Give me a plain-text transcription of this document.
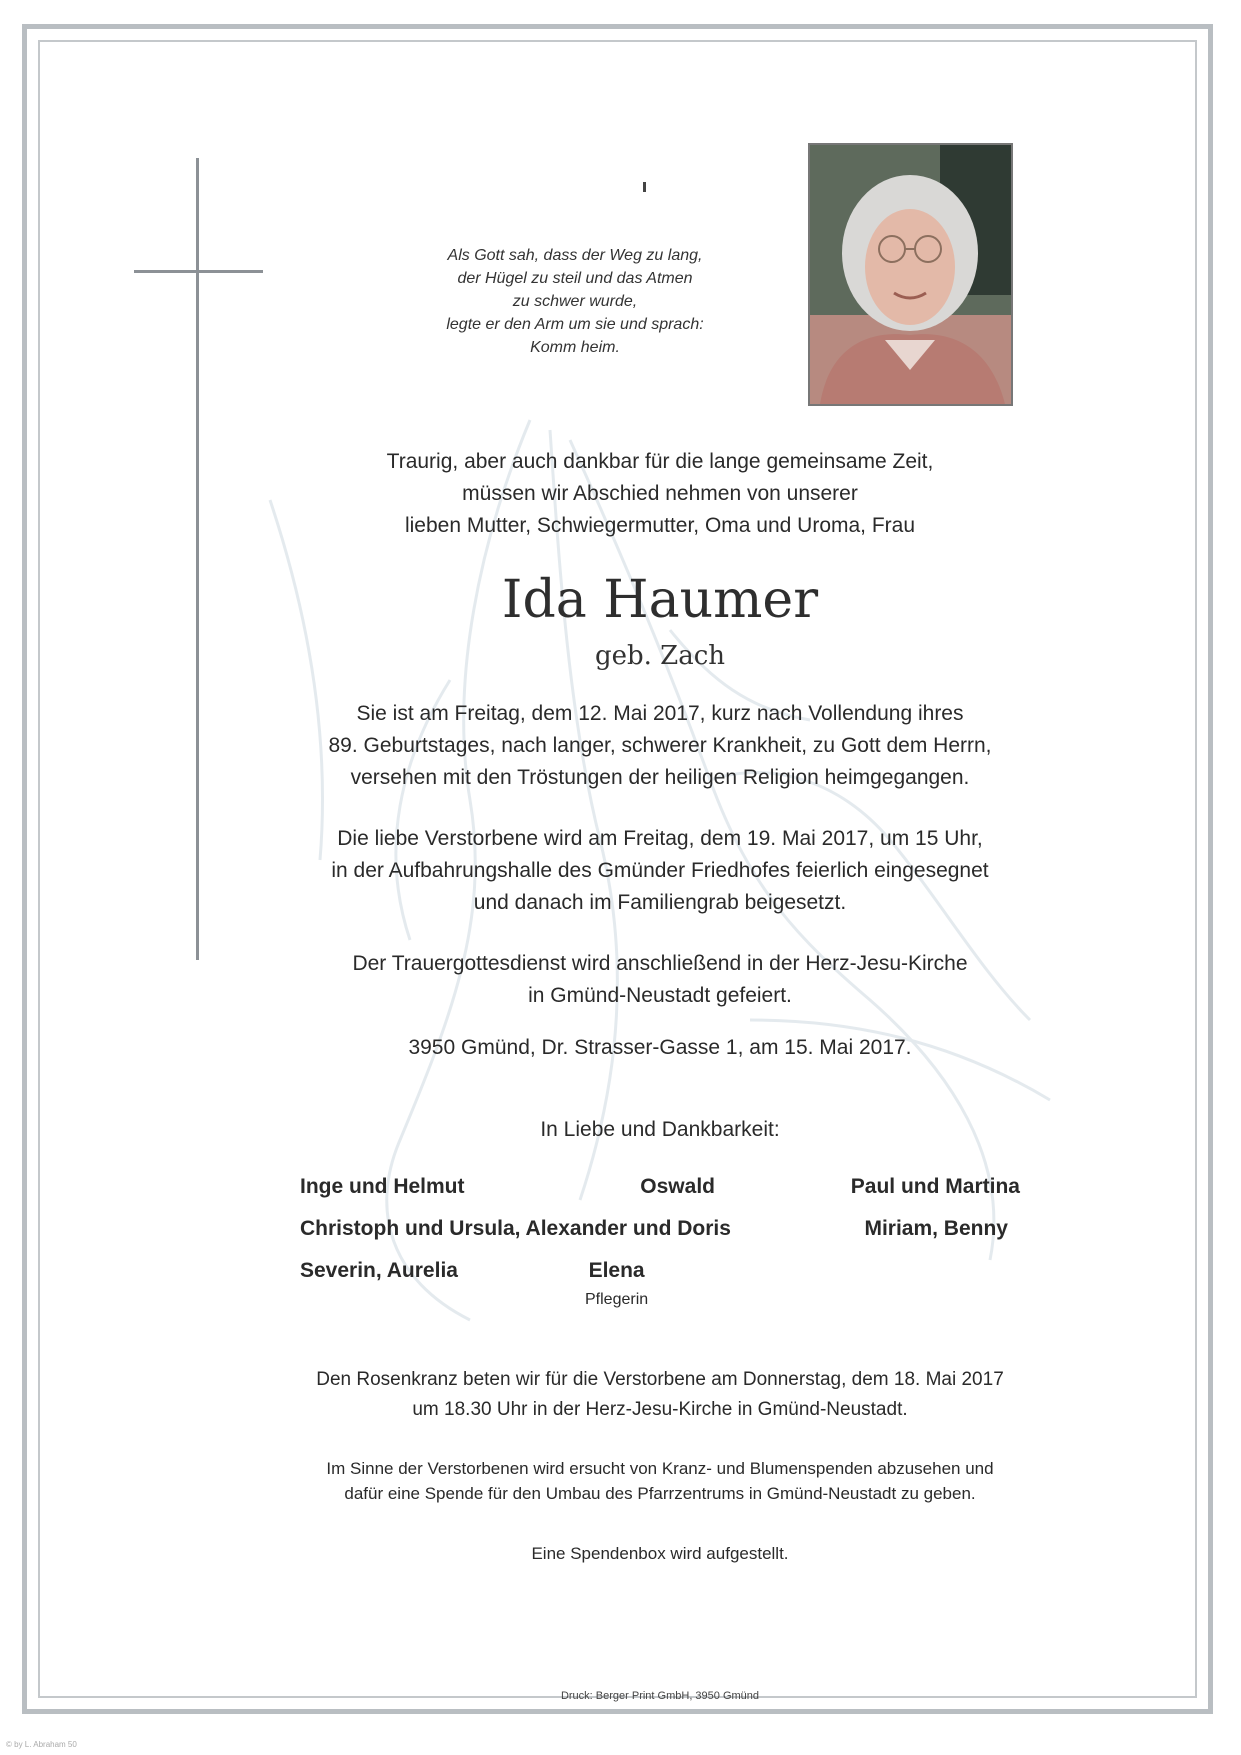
Als Gott sah, dass der Weg zu lang,
der Hügel zu steil und das Atmen
zu schwer wurde,
legte er den Arm um sie und sprach:
Komm heim.
Traurig, aber auch dankbar für die lange gemeinsame Zeit,
müssen wir Abschied nehmen von unserer
lieben Mutter, Schwiegermutter, Oma und Uroma, Frau
Ida Haumer
geb. Zach
Sie ist am Freitag, dem 12. Mai 2017, kurz nach Vollendung ihres
89. Geburtstages, nach langer, schwerer Krankheit, zu Gott dem Herrn,
versehen mit den Tröstungen der heiligen Religion heimgegangen.
Die liebe Verstorbene wird am Freitag, dem 19. Mai 2017, um 15 Uhr,
in der Aufbahrungshalle des Gmünder Friedhofes feierlich eingesegnet
und danach im Familiengrab beigesetzt.
Der Trauergottesdienst wird anschließend in der Herz-Jesu-Kirche
in Gmünd-Neustadt gefeiert.
3950 Gmünd, Dr. Strasser-Gasse 1, am 15. Mai 2017.
In Liebe und Dankbarkeit:
Inge und Helmut	Oswald	Paul und Martina
Christoph und Ursula, Alexander und Doris	Miriam, Benny
Severin, Aurelia	Elena
Pflegerin
Den Rosenkranz beten wir für die Verstorbene am Donnerstag, dem 18. Mai 2017
um 18.30 Uhr in der Herz-Jesu-Kirche in Gmünd-Neustadt.
Im Sinne der Verstorbenen wird ersucht von Kranz- und Blumenspenden abzusehen und
dafür eine Spende für den Umbau des Pfarrzentrums in Gmünd-Neustadt zu geben.
Eine Spendenbox wird aufgestellt.
Druck: Berger Print GmbH, 3950 Gmünd
© by L. Abraham 50
